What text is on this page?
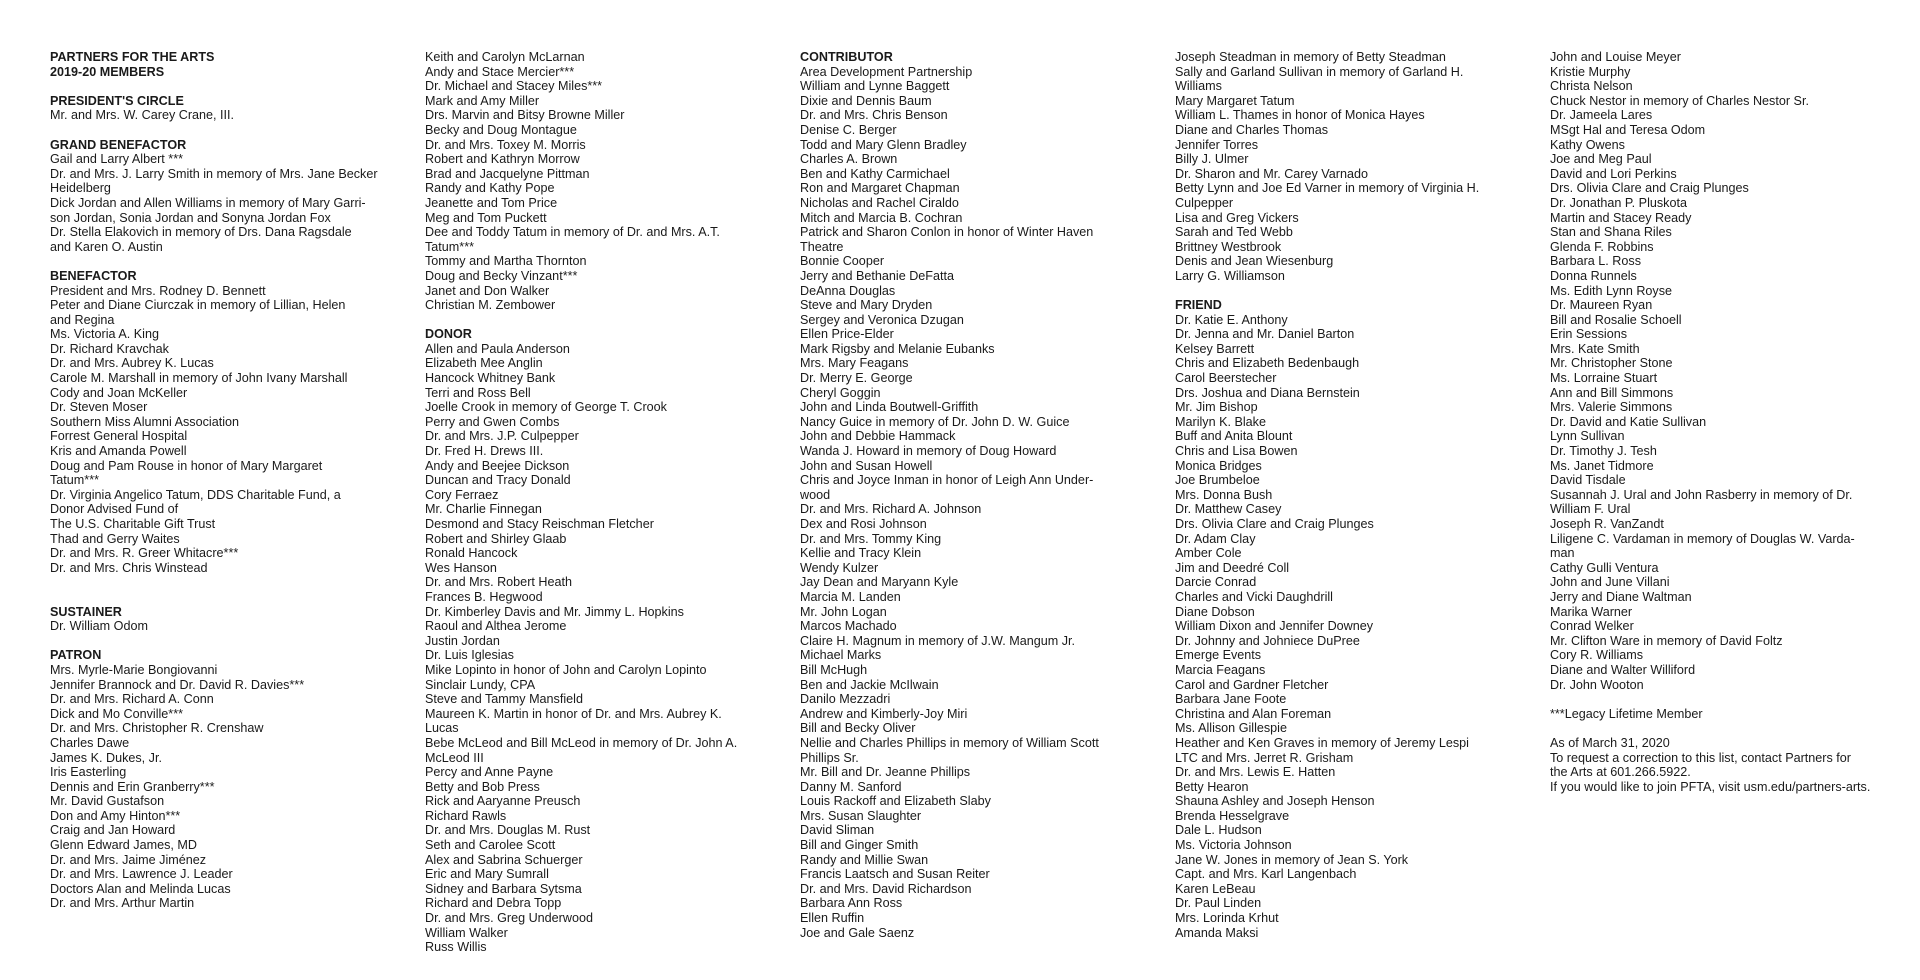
PARTNERS FOR THE ARTS
2019-20 MEMBERS
PRESIDENT'S CIRCLE
Mr. and Mrs. W. Carey Crane, III.
GRAND BENEFACTOR
Gail and Larry Albert ***
Dr. and Mrs. J. Larry Smith in memory of Mrs. Jane Becker
Heidelberg
Dick Jordan and Allen Williams in memory of Mary Garri-
son Jordan, Sonia Jordan and Sonyna Jordan Fox
Dr. Stella Elakovich in memory of Drs. Dana Ragsdale
and Karen O. Austin
BENEFACTOR
President and Mrs. Rodney D. Bennett
Peter and Diane Ciurczak in memory of Lillian, Helen
and Regina
Ms. Victoria A. King
Dr. Richard Kravchak
Dr. and Mrs. Aubrey K. Lucas
Carole M. Marshall in memory of John Ivany Marshall
Cody and Joan McKeller
Dr. Steven Moser
Southern Miss Alumni Association
Forrest General Hospital
Kris and Amanda Powell
Doug and Pam Rouse in honor of Mary Margaret
Tatum***
Dr. Virginia Angelico Tatum, DDS Charitable Fund, a
Donor Advised Fund of
The U.S. Charitable Gift Trust
Thad and Gerry Waites
Dr. and Mrs. R. Greer Whitacre***
Dr. and Mrs. Chris Winstead
SUSTAINER
Dr. William Odom
PATRON
Mrs. Myrle-Marie Bongiovanni
Jennifer Brannock and Dr. David R. Davies***
Dr. and Mrs. Richard A. Conn
Dick and Mo Conville***
Dr. and Mrs. Christopher R. Crenshaw
Charles Dawe
James K. Dukes, Jr.
Iris Easterling
Dennis and Erin Granberry***
Mr. David Gustafson
Don and Amy Hinton***
Craig and Jan Howard
Glenn Edward James, MD
Dr. and Mrs. Jaime Jiménez
Dr. and Mrs. Lawrence J. Leader
Doctors Alan and Melinda Lucas
Dr. and Mrs. Arthur Martin
Keith and Carolyn McLarnan
Andy and Stace Mercier***
Dr. Michael and Stacey Miles***
Mark and Amy Miller
Drs. Marvin and Bitsy Browne Miller
Becky and Doug Montague
Dr. and Mrs. Toxey M. Morris
Robert and Kathryn Morrow
Brad and Jacquelyne Pittman
Randy and Kathy Pope
Jeanette and Tom Price
Meg and Tom Puckett
Dee and Toddy Tatum in memory of Dr. and Mrs. A.T.
Tatum***
Tommy and Martha Thornton
Doug and Becky Vinzant***
Janet and Don Walker
Christian M. Zembower
DONOR
Allen and Paula Anderson
Elizabeth Mee Anglin
Hancock Whitney Bank
Terri and Ross Bell
Joelle Crook in memory of George T. Crook
Perry and Gwen Combs
Dr. and Mrs. J.P. Culpepper
Dr. Fred H. Drews III.
Andy and Beejee Dickson
Duncan and Tracy Donald
Cory Ferraez
Mr. Charlie Finnegan
Desmond and Stacy Reischman Fletcher
Robert and Shirley Glaab
Ronald Hancock
Wes Hanson
Dr. and Mrs. Robert Heath
Frances B. Hegwood
Dr. Kimberley Davis and Mr. Jimmy L. Hopkins
Raoul and Althea Jerome
Justin Jordan
Dr. Luis Iglesias
Mike Lopinto in honor of John and Carolyn Lopinto
Sinclair Lundy, CPA
Steve and Tammy Mansfield
Maureen K. Martin in honor of Dr. and Mrs. Aubrey K.
Lucas
Bebe McLeod and Bill McLeod in memory of Dr. John A.
McLeod III
Percy and Anne Payne
Betty and Bob Press
Rick and Aaryanne Preusch
Richard Rawls
Dr. and Mrs. Douglas M. Rust
Seth and Carolee Scott
Alex and Sabrina Schuerger
Eric and Mary Sumrall
Sidney and Barbara Sytsma
Richard and Debra Topp
Dr. and Mrs. Greg Underwood
William Walker
Russ Willis
CONTRIBUTOR
Area Development Partnership
William and Lynne Baggett
Dixie and Dennis Baum
Dr. and Mrs. Chris Benson
Denise C. Berger
Todd and Mary Glenn Bradley
Charles A. Brown
Ben and Kathy Carmichael
Ron and Margaret Chapman
Nicholas and Rachel Ciraldo
Mitch and Marcia B. Cochran
Patrick and Sharon Conlon in honor of Winter Haven
Theatre
Bonnie Cooper
Jerry and Bethanie DeFatta
DeAnna Douglas
Steve and Mary Dryden
Sergey and Veronica Dzugan
Ellen Price-Elder
Mark Rigsby and Melanie Eubanks
Mrs. Mary Feagans
Dr. Merry E. George
Cheryl Goggin
John and Linda Boutwell-Griffith
Nancy Guice in memory of Dr. John D. W. Guice
John and Debbie Hammack
Wanda J. Howard in memory of Doug Howard
John and Susan Howell
Chris and Joyce Inman in honor of Leigh Ann Under-
wood
Dr. and Mrs. Richard A. Johnson
Dex and Rosi Johnson
Dr. and Mrs. Tommy King
Kellie and Tracy Klein
Wendy Kulzer
Jay Dean and Maryann Kyle
Marcia M. Landen
Mr. John Logan
Marcos Machado
Claire H. Magnum in memory of J.W. Mangum Jr.
Michael Marks
Bill McHugh
Ben and Jackie McIlwain
Danilo Mezzadri
Andrew and Kimberly-Joy Miri
Bill and Becky Oliver
Nellie and Charles Phillips in memory of William Scott
Phillips Sr.
Mr. Bill and Dr. Jeanne Phillips
Danny M. Sanford
Louis Rackoff and Elizabeth Slaby
Mrs. Susan Slaughter
David Sliman
Bill and Ginger Smith
Randy and Millie Swan
Francis Laatsch and Susan Reiter
Dr. and Mrs. David Richardson
Barbara Ann Ross
Ellen Ruffin
Joe and Gale Saenz
Joseph Steadman in memory of Betty Steadman
Sally and Garland Sullivan in memory of Garland H.
Williams
Mary Margaret Tatum
William L. Thames in honor of Monica Hayes
Diane and Charles Thomas
Jennifer Torres
Billy J. Ulmer
Dr. Sharon and Mr. Carey Varnado
Betty Lynn and Joe Ed Varner in memory of Virginia H.
Culpepper
Lisa and Greg Vickers
Sarah and Ted Webb
Brittney Westbrook
Denis and Jean Wiesenburg
Larry G. Williamson
FRIEND
Dr. Katie E. Anthony
Dr. Jenna and Mr. Daniel Barton
Kelsey Barrett
Chris and Elizabeth Bedenbaugh
Carol Beerstecher
Drs. Joshua and Diana Bernstein
Mr. Jim Bishop
Marilyn K. Blake
Buff and Anita Blount
Chris and Lisa Bowen
Monica Bridges
Joe Brumbeloe
Mrs. Donna Bush
Dr. Matthew Casey
Drs. Olivia Clare and Craig Plunges
Dr. Adam Clay
Amber Cole
Jim and Deedré Coll
Darcie Conrad
Charles and Vicki Daughdrill
Diane Dobson
William Dixon and Jennifer Downey
Dr. Johnny and Johniece DuPree
Emerge Events
Marcia Feagans
Carol and Gardner Fletcher
Barbara Jane Foote
Christina and Alan Foreman
Ms. Allison Gillespie
Heather and Ken Graves in memory of Jeremy Lespi
LTC and Mrs. Jerret R. Grisham
Dr. and Mrs. Lewis E. Hatten
Betty Hearon
Shauna Ashley and Joseph Henson
Brenda Hesselgrave
Dale L. Hudson
Ms. Victoria Johnson
Jane W. Jones in memory of Jean S. York
Capt. and Mrs. Karl Langenbach
Karen LeBeau
Dr. Paul Linden
Mrs. Lorinda Krhut
Amanda Maksi
John and Louise Meyer
Kristie Murphy
Christa Nelson
Chuck Nestor in memory of Charles Nestor Sr.
Dr. Jameela Lares
MSgt Hal and Teresa Odom
Kathy Owens
Joe and Meg Paul
David and Lori Perkins
Drs. Olivia Clare and Craig Plunges
Dr. Jonathan P. Pluskota
Martin and Stacey Ready
Stan and Shana Riles
Glenda F. Robbins
Barbara L. Ross
Donna Runnels
Ms. Edith Lynn Royse
Dr. Maureen Ryan
Bill and Rosalie Schoell
Erin Sessions
Mrs. Kate Smith
Mr. Christopher Stone
Ms. Lorraine Stuart
Ann and Bill Simmons
Mrs. Valerie Simmons
Dr. David and Katie Sullivan
Lynn Sullivan
Dr. Timothy J. Tesh
Ms. Janet Tidmore
David Tisdale
Susannah J. Ural and John Rasberry in memory of Dr.
William F. Ural
Joseph R. VanZandt
Liligene C. Vardaman in memory of Douglas W. Varda-
man
Cathy Gulli Ventura
John and June Villani
Jerry and Diane Waltman
Marika Warner
Conrad Welker
Mr. Clifton Ware in memory of David Foltz
Cory R. Williams
Diane and Walter Williford
Dr. John Wooton
***Legacy Lifetime Member
As of March 31, 2020
To request a correction to this list, contact Partners for
the Arts at 601.266.5922.
If you would like to join PFTA, visit usm.edu/partners-arts.
